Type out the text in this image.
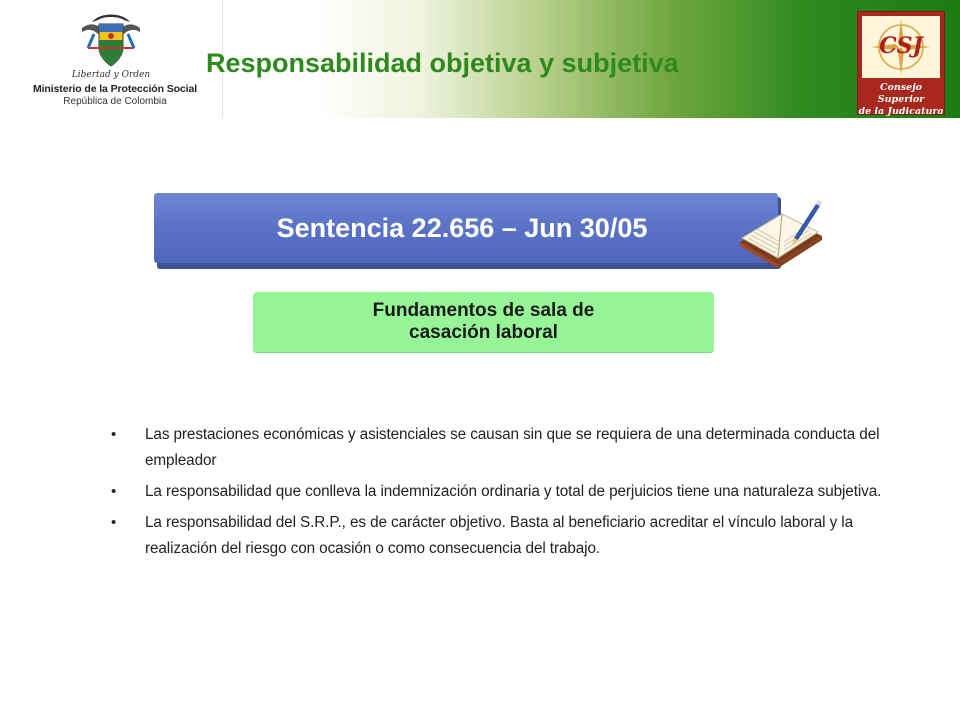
Libertad y Orden
Ministerio de la Protección Social
República de Colombia
Responsabilidad objetiva y subjetiva
CSJ
Consejo Superior
de la Judicatura
Sentencia 22.656 – Jun 30/05

Fundamentos de sala de
casación laboral

• Las prestaciones económicas y asistenciales se causan sin que se requiera de una determinada conducta del empleador
• La responsabilidad que conlleva la indemnización ordinaria y total de perjuicios tiene una naturaleza subjetiva.
• La responsabilidad del S.R.P., es de carácter objetivo. Basta al beneficiario acreditar el vínculo laboral y la realización del riesgo con ocasión o como consecuencia del trabajo.
